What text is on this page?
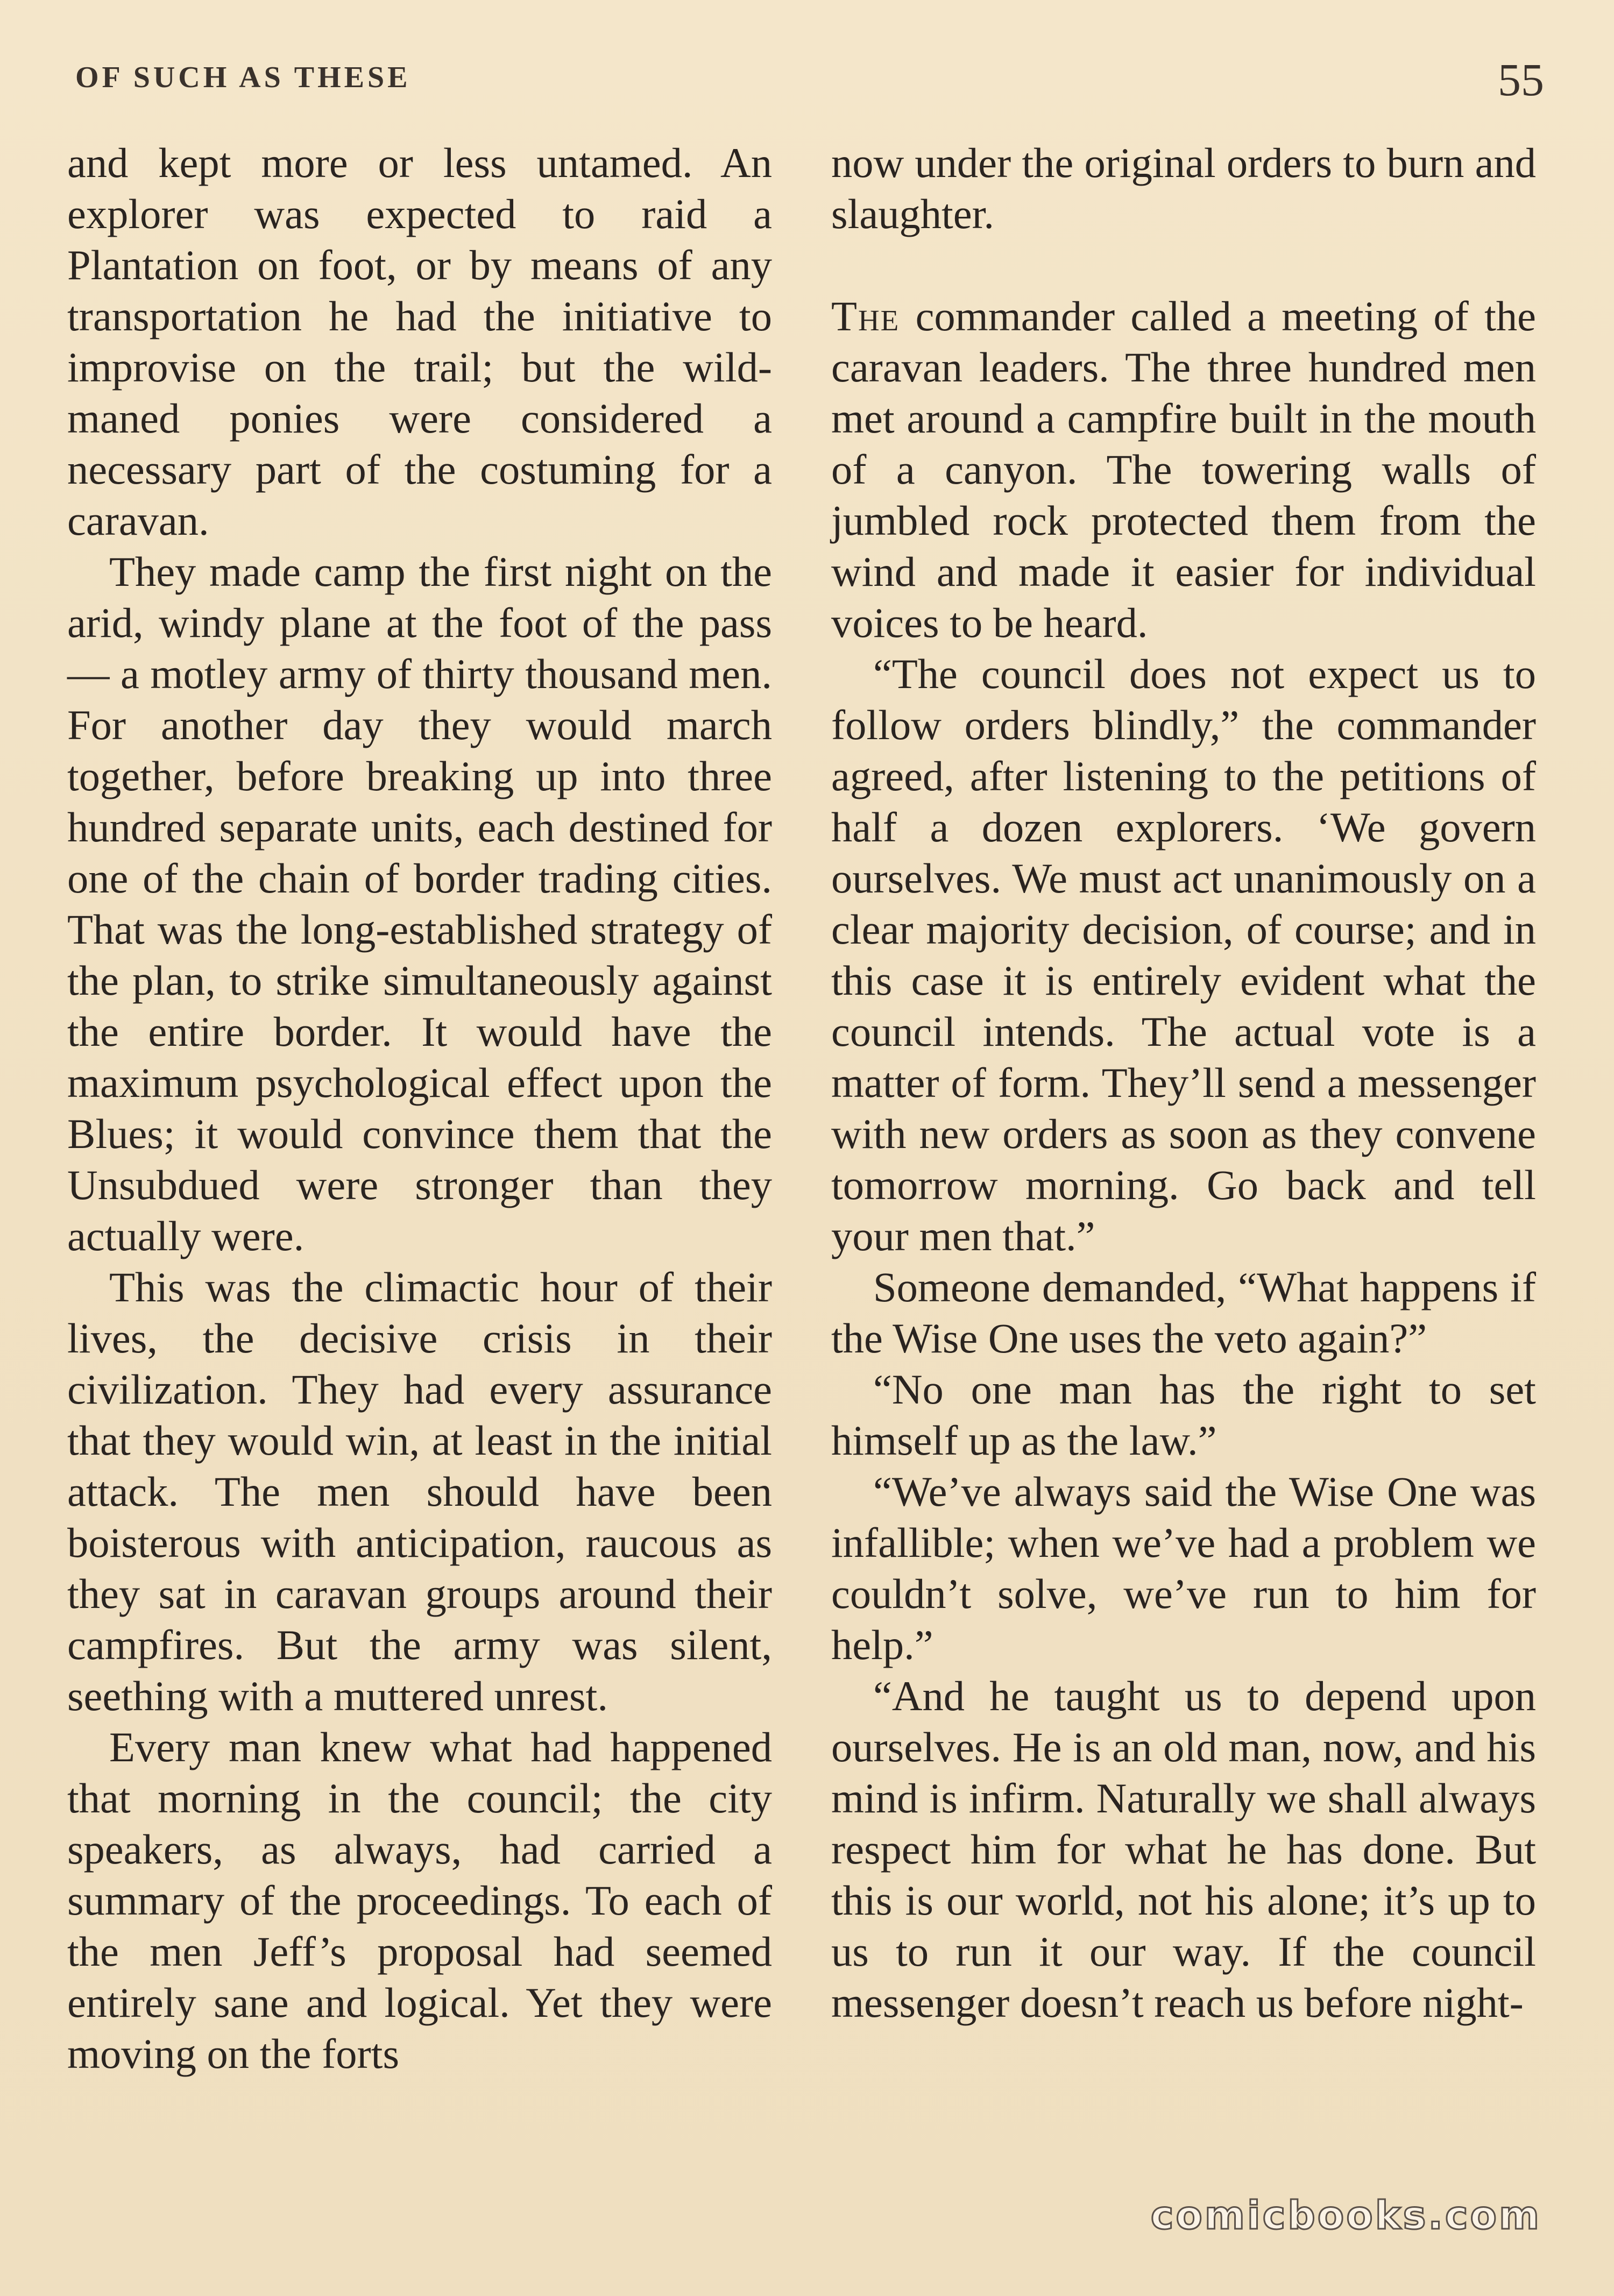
OF SUCH AS THESE	55

and kept more or less untamed. An explorer was expected to raid a Plantation on foot, or by means of any transportation he had the initiative to improvise on the trail; but the wild-maned ponies were considered a necessary part of the costuming for a caravan.

They made camp the first night on the arid, windy plane at the foot of the pass — a motley army of thirty thousand men. For another day they would march together, before breaking up into three hundred separate units, each destined for one of the chain of border trading cities. That was the long-established strategy of the plan, to strike simultaneously against the entire border. It would have the maximum psychological effect upon the Blues; it would convince them that the Unsubdued were stronger than they actually were.

This was the climactic hour of their lives, the decisive crisis in their civilization. They had every assurance that they would win, at least in the initial attack. The men should have been boisterous with anticipation, raucous as they sat in caravan groups around their campfires. But the army was silent, seething with a muttered unrest.

Every man knew what had happened that morning in the council; the city speakers, as always, had carried a summary of the proceedings. To each of the men Jeff’s proposal had seemed entirely sane and logical. Yet they were moving on the forts

now under the original orders to burn and slaughter.

The commander called a meeting of the caravan leaders. The three hundred men met around a campfire built in the mouth of a canyon. The towering walls of jumbled rock protected them from the wind and made it easier for individual voices to be heard.

“The council does not expect us to follow orders blindly,” the commander agreed, after listening to the petitions of half a dozen explorers. ‘We govern ourselves. We must act unanimously on a clear majority decision, of course; and in this case it is entirely evident what the council intends. The actual vote is a matter of form. They’ll send a messenger with new orders as soon as they convene tomorrow morning. Go back and tell your men that.”

Someone demanded, “What happens if the Wise One uses the veto again?”

“No one man has the right to set himself up as the law.”

“We’ve always said the Wise One was infallible; when we’ve had a problem we couldn’t solve, we’ve run to him for help.”

“And he taught us to depend upon ourselves. He is an old man, now, and his mind is infirm. Naturally we shall always respect him for what he has done. But this is our world, not his alone; it’s up to us to run it our way. If the council messenger doesn’t reach us before night-

comicbooks.com
